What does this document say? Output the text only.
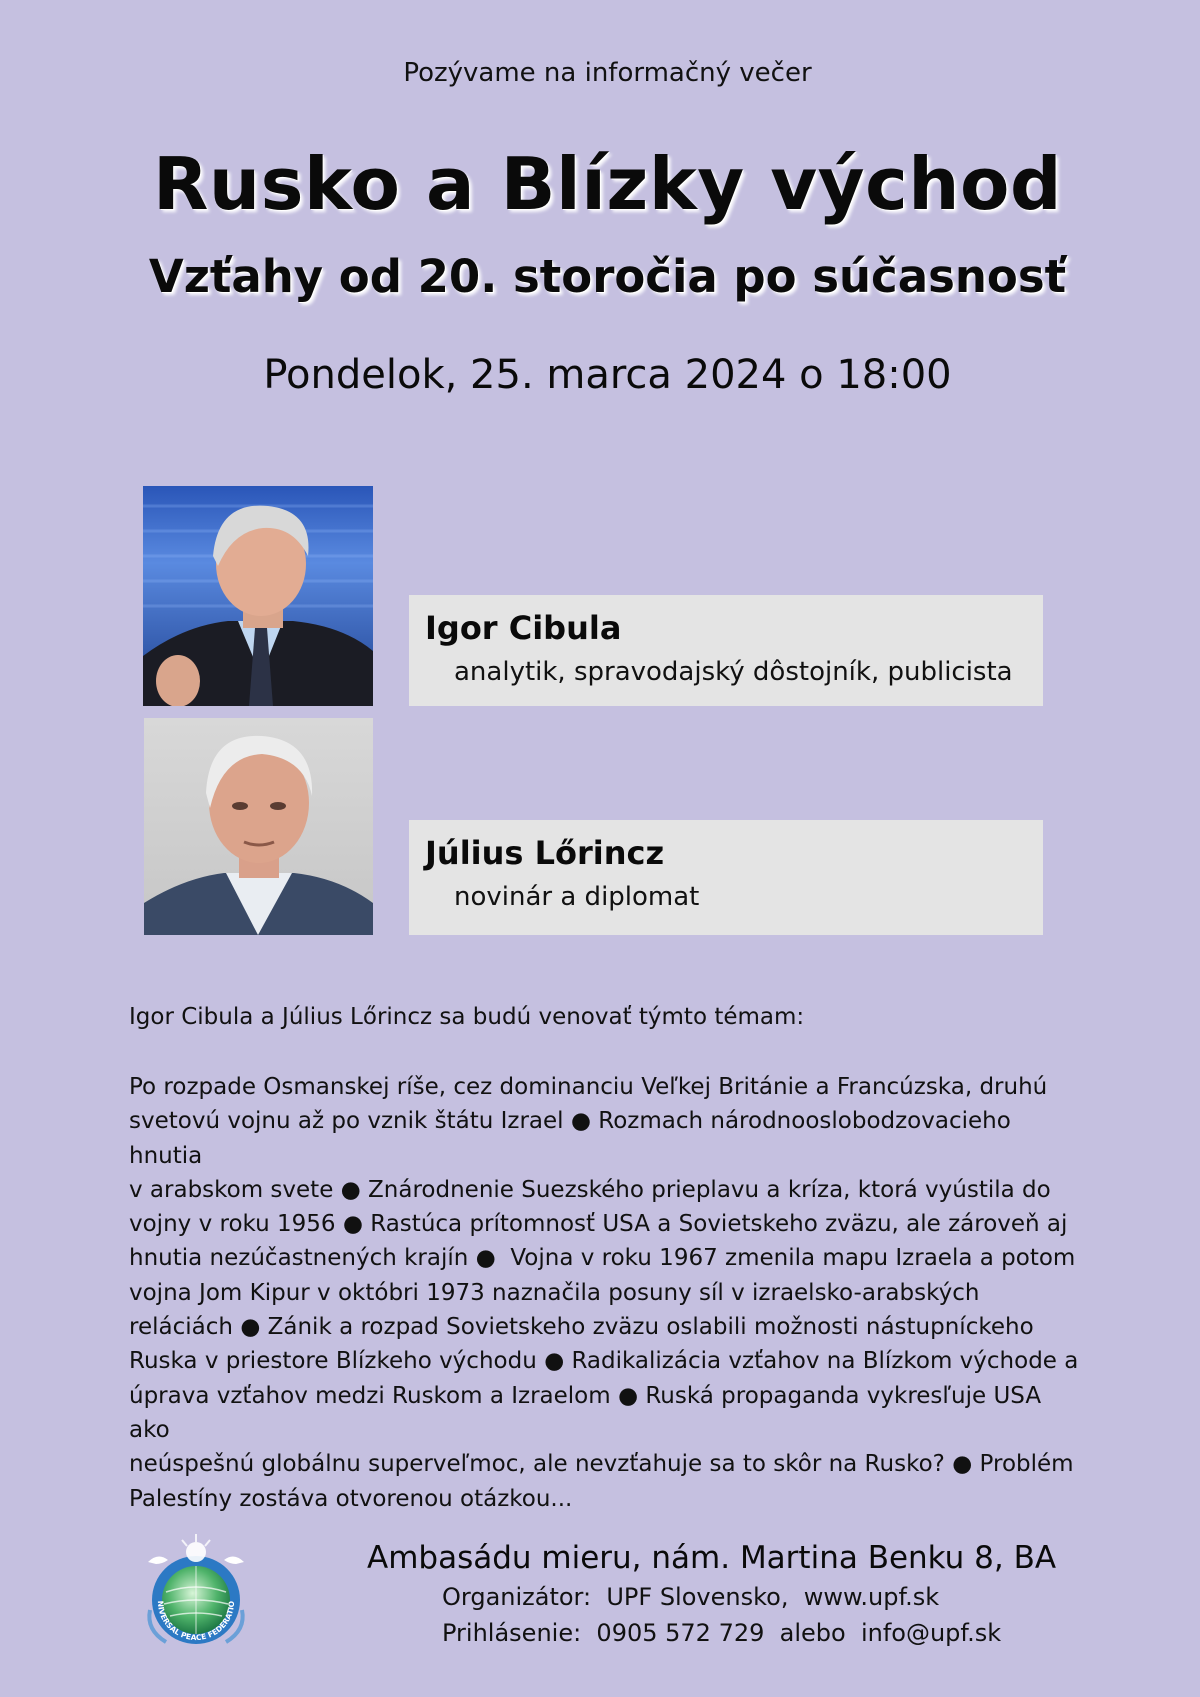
Pozývame na informačný večer
Rusko a Blízky východ
Vzťahy od 20. storočia po súčasnosť
Pondelok, 25. marca 2024 o 18:00
Igor Cibula
analytik, spravodajský dôstojník, publicista
Július Lőrincz
novinár a diplomat
Igor Cibula a Július Lőrincz sa budú venovať týmto témam:
Po rozpade Osmanskej ríše, cez dominanciu Veľkej Británie a Francúzska, druhú
svetovú vojnu až po vznik štátu Izrael ● Rozmach národnooslobodzovacieho hnutia
v arabskom svete ● Znárodnenie Suezského prieplavu a kríza, ktorá vyústila do
vojny v roku 1956 ● Rastúca prítomnosť USA a Sovietskeho zväzu, ale zároveň aj
hnutia nezúčastnených krajín ●  Vojna v roku 1967 zmenila mapu Izraela a potom
vojna Jom Kipur v októbri 1973 naznačila posuny síl v izraelsko-arabských
reláciách ● Zánik a rozpad Sovietskeho zväzu oslabili možnosti nástupníckeho
Ruska v priestore Blízkeho východu ● Radikalizácia vzťahov na Blízkom východe a
úprava vzťahov medzi Ruskom a Izraelom ● Ruská propaganda vykresľuje USA ako
neúspešnú globálnu superveľmoc, ale nevzťahuje sa to skôr na Rusko? ● Problém
Palestíny zostáva otvorenou otázkou...
NIVERSAL PEACE FEDERATIO
Ambasádu mieru, nám. Martina Benku 8, BA
Organizátor:  UPF Slovensko,  www.upf.sk
Prihlásenie:  0905 572 729  alebo  info@upf.sk
